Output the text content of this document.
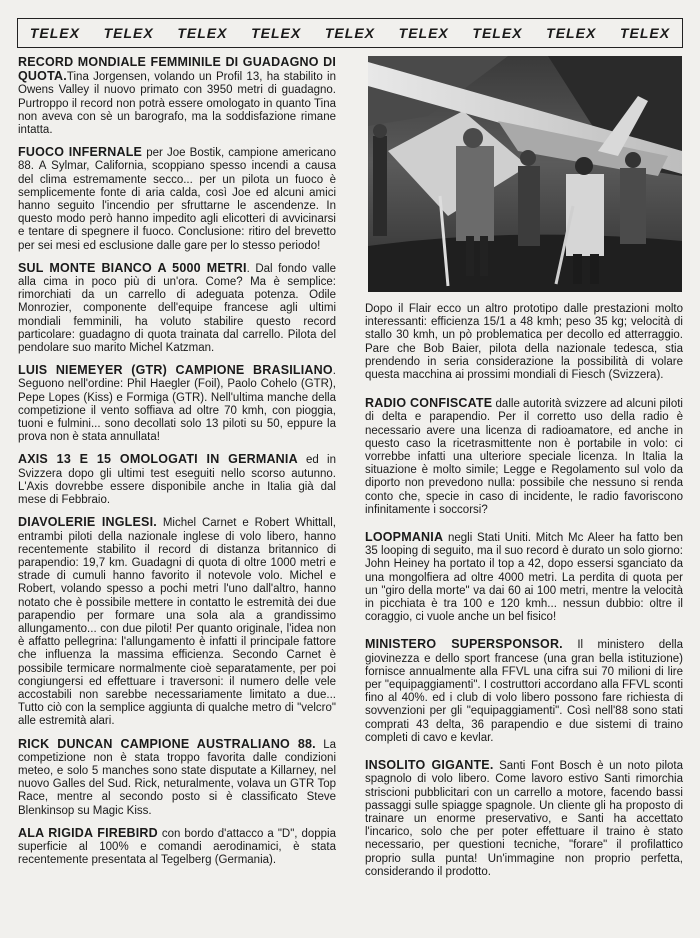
TELEX TELEX TELEX TELEX TELEX TELEX TELEX TELEX TELEX

RECORD MONDIALE FEMMINILE DI GUADAGNO DI QUOTA.Tina Jorgensen, volando un Profil 13, ha stabilito in Owens Valley il nuovo primato con 3950 metri di guadagno. Purtroppo il record non potrà essere omologato in quanto Tina non aveva con sè un barografo, ma la soddisfazione rimane intatta.

FUOCO INFERNALE per Joe Bostik, campione americano 88. A Sylmar, California, scoppiano spesso incendi a causa del clima estremamente secco... per un pilota un fuoco è semplicemente fonte di aria calda, così Joe ed alcuni amici hanno seguito l'incendio per sfruttarne le ascendenze. In questo modo però hanno impedito agli elicotteri di avvicinarsi e tentare di spegnere il fuoco. Conclusione: ritiro del brevetto per sei mesi ed esclusione dalle gare per lo stesso periodo!

SUL MONTE BIANCO A 5000 METRI. Dal fondo valle alla cima in poco più di un'ora. Come? Ma è semplice: rimorchiati da un carrello di adeguata potenza. Odile Monrozier, componente dell'equipe francese agli ultimi mondiali femminili, ha voluto stabilire questo record particolare: guadagno di quota trainata dal carrello. Pilota del pendolare suo marito Michel Katzman.

LUIS NIEMEYER (GTR) CAMPIONE BRASILIANO. Seguono nell'ordine: Phil Haegler (Foil), Paolo Cohelo (GTR), Pepe Lopes (Kiss) e Formiga (GTR). Nell'ultima manche della competizione il vento soffiava ad oltre 70 kmh, con pioggia, tuoni e fulmini... sono decollati solo 13 piloti su 50, eppure la prova non è stata annullata!

AXIS 13 E 15 OMOLOGATI IN GERMANIA ed in Svizzera dopo gli ultimi test eseguiti nello scorso autunno. L'Axis dovrebbe essere disponibile anche in Italia già dal mese di Febbraio.

DIAVOLERIE INGLESI. Michel Carnet e Robert Whittall, entrambi piloti della nazionale inglese di volo libero, hanno recentemente stabilito il record di distanza britannico di parapendio: 19,7 km. Guadagni di quota di oltre 1000 metri e strade di cumuli hanno favorito il notevole volo. Michel e Robert, volando spesso a pochi metri l'uno dall'altro, hanno notato che è possibile mettere in contatto le estremità dei due parapendio per formare una sola ala a grandissimo allungamento... con due piloti! Per quanto originale, l'idea non è affatto pellegrina: l'allungamento è infatti il principale fattore che influenza la massima efficienza. Secondo Carnet è possibile termicare normalmente cioè separatamente, per poi congiungersi ed effettuare i traversoni: il numero delle vele accostabili non sarebbe necessariamente limitato a due... Tutto ciò con la semplice aggiunta di qualche metro di "velcro" alle estremità alari.

RICK DUNCAN CAMPIONE AUSTRALIANO 88. La competizione non è stata troppo favorita dalle condizioni meteo, e solo 5 manches sono state disputate a Killarney, nel nuovo Galles del Sud. Rick, neturalmente, volava un GTR Top Race, mentre al secondo posto si è classificato Steve Blenkinsop su Magic Kiss.

ALA RIGIDA FIREBIRD con bordo d'attacco a "D", doppia superficie al 100% e comandi aerodinamici, è stata recentemente presentata al Tegelberg (Germania).

Dopo il Flair ecco un altro prototipo dalle prestazioni molto interessanti: efficienza 15/1 a 48 kmh; peso 35 kg; velocità di stallo 30 kmh, un pò problematica per decollo ed atterraggio. Pare che Bob Baier, pilota della nazionale tedesca, stia prendendo in seria considerazione la possibilità di volare questa macchina ai prossimi mondiali di Fiesch (Svizzera).

RADIO CONFISCATE dalle autorità svizzere ad alcuni piloti di delta e parapendio. Per il corretto uso della radio è necessario avere una licenza di radioamatore, ed anche in questo caso la ricetrasmittente non è portabile in volo: ci vorrebbe infatti una ulteriore speciale licenza. In Italia la situazione è molto simile; Legge e Regolamento sul volo da diporto non prevedono nulla: possibile che nessuno si renda conto che, specie in caso di incidente, le radio favoriscono infinitamente i soccorsi?

LOOPMANIA negli Stati Uniti. Mitch Mc Aleer ha fatto ben 35 looping di seguito, ma il suo record è durato un solo giorno: John Heiney ha portato il top a 42, dopo essersi sganciato da una mongolfiera ad oltre 4000 metri. La perdita di quota per un "giro della morte" va dai 60 ai 100 metri, mentre la velocità in picchiata è tra 100 e 120 kmh... nessun dubbio: oltre il coraggio, ci vuole anche un bel fisico!

MINISTERO SUPERSPONSOR. Il ministero della giovinezza e dello sport francese (una gran bella istituzione) fornisce annualmente alla FFVL una cifra sui 70 milioni di lire per "equipaggiamenti". I costruttori accordano alla FFVL sconti fino al 40%. ed i club di volo libero possono fare richiesta di sovvenzioni per gli "equipaggiamenti". Così nell'88 sono stati comprati 43 delta, 36 parapendio e due sistemi di traino completi di cavo e kevlar.

INSOLITO GIGANTE. Santi Font Bosch è un noto pilota spagnolo di volo libero. Come lavoro estivo Santi rimorchia striscioni pubblicitari con un carrello a motore, facendo bassi passaggi sulle spiagge spagnole. Un cliente gli ha proposto di trainare un enorme preservativo, e Santi ha accettato l'incarico, solo che per poter effettuare il traino è stato necessario, per questioni tecniche, "forare" il profilattico proprio sulla punta! Un'immagine non proprio perfetta, considerando il prodotto.
